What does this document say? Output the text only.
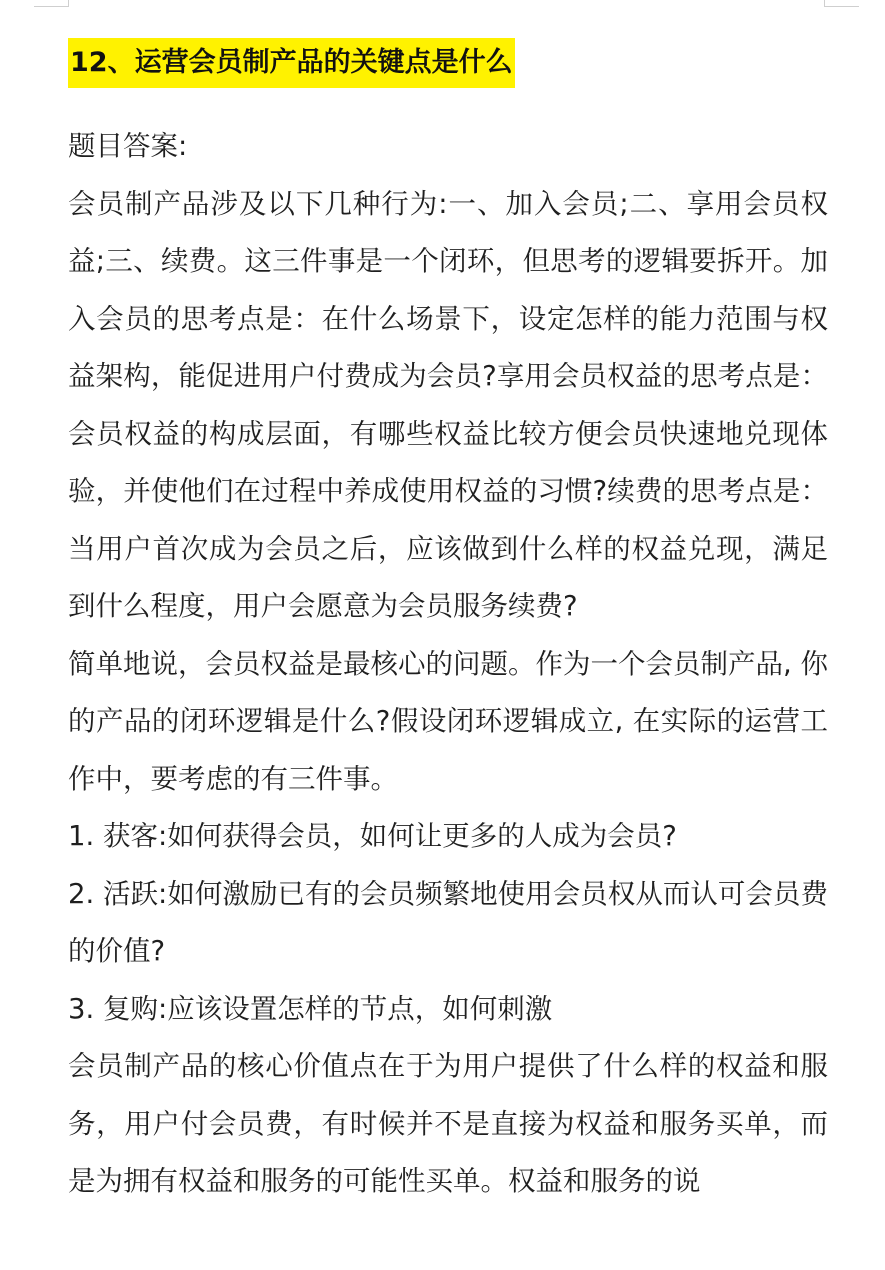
12、运营会员制产品的关键点是什么

题目答案:

会员制产品涉及以下几种行为:一、加入会员;二、享用会员权益;三、续费。这三件事是一个闭环，但思考的逻辑要拆开。加入会员的思考点是：在什么场景下，设定怎样的能力范围与权益架构，能促进用户付费成为会员?享用会员权益的思考点是：会员权益的构成层面，有哪些权益比较方便会员快速地兑现体验，并使他们在过程中养成使用权益的习惯?续费的思考点是：当用户首次成为会员之后，应该做到什么样的权益兑现，满足到什么程度，用户会愿意为会员服务续费?

简单地说，会员权益是最核心的问题。作为一个会员制产品, 你的产品的闭环逻辑是什么?假设闭环逻辑成立, 在实际的运营工作中，要考虑的有三件事。

1. 获客:如何获得会员，如何让更多的人成为会员?

2. 活跃:如何激励已有的会员频繁地使用会员权从而认可会员费的价值?

3. 复购:应该设置怎样的节点，如何刺激

会员制产品的核心价值点在于为用户提供了什么样的权益和服务，用户付会员费，有时候并不是直接为权益和服务买单，而是为拥有权益和服务的可能性买单。权益和服务的说
